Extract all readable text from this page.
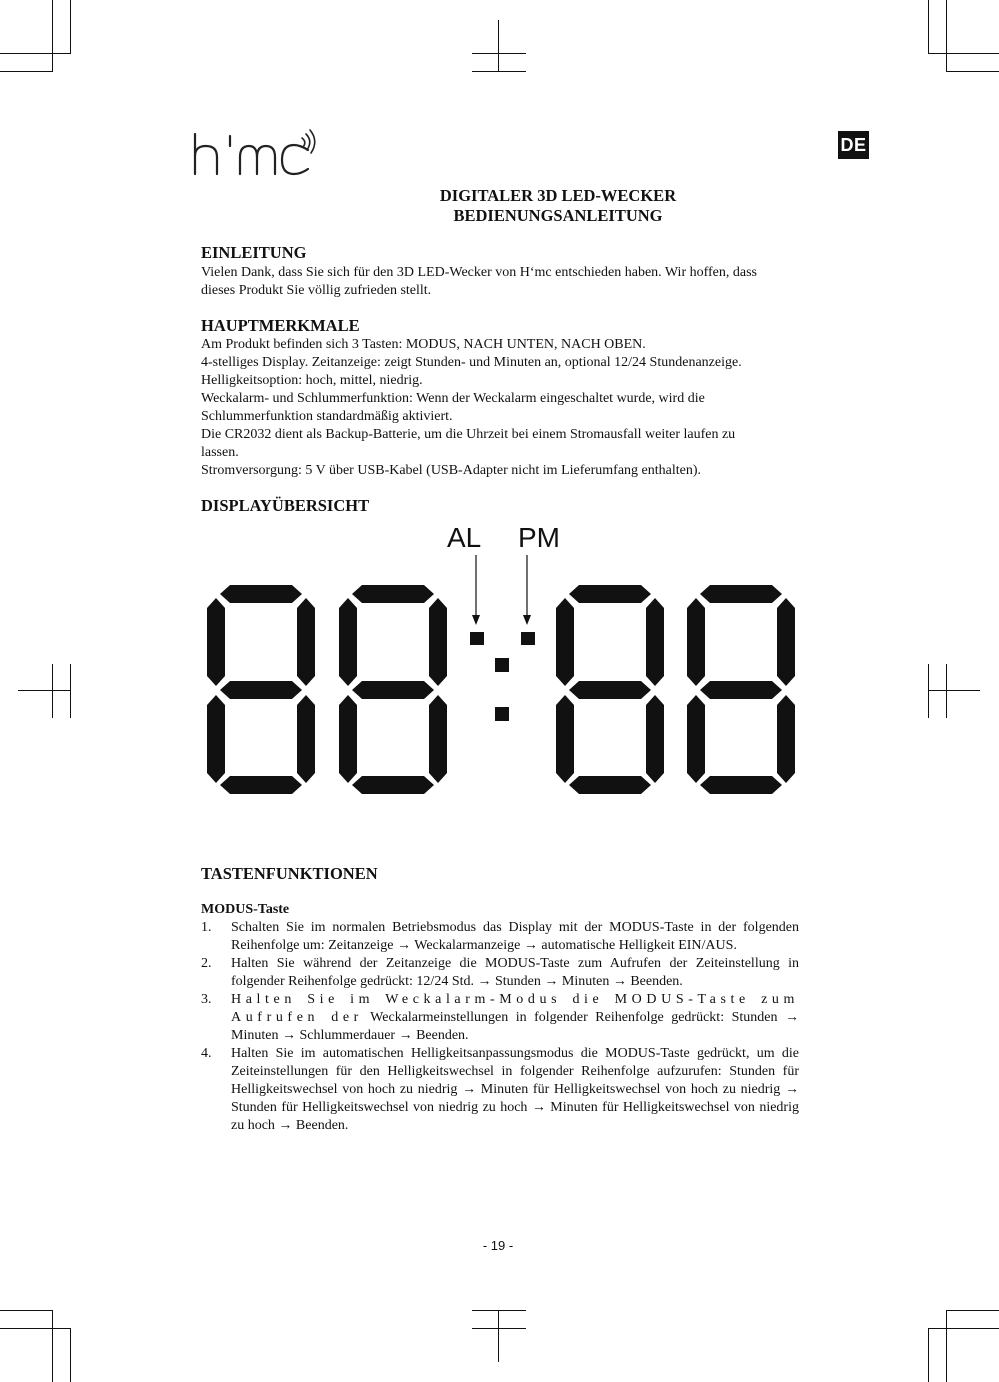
DE
DIGITALER 3D LED-WECKER
BEDIENUNGSANLEITUNG
EINLEITUNG
Vielen Dank, dass Sie sich für den 3D LED-Wecker von H‘mc entschieden haben. Wir hoffen, dass
dieses Produkt Sie völlig zufrieden stellt.
HAUPTMERKMALE
Am Produkt befinden sich 3 Tasten: MODUS, NACH UNTEN, NACH OBEN.
4-stelliges Display. Zeitanzeige: zeigt Stunden- und Minuten an, optional 12/24 Stundenanzeige.
Helligkeitsoption: hoch, mittel, niedrig.
Weckalarm- und Schlummerfunktion: Wenn der Weckalarm eingeschaltet wurde, wird die
Schlummerfunktion standardmäßig aktiviert.
Die CR2032 dient als Backup-Batterie, um die Uhrzeit bei einem Stromausfall weiter laufen zu
lassen.
Stromversorgung: 5 V über USB-Kabel (USB-Adapter nicht im Lieferumfang enthalten).
DISPLAYÜBERSICHT
AL PM
TASTENFUNKTIONEN
MODUS-Taste
1. Schalten Sie im normalen Betriebsmodus das Display mit der MODUS-Taste in der folgenden Reihenfolge um: Zeitanzeige → Weckalarmanzeige → automatische Helligkeit EIN/AUS.
2. Halten Sie während der Zeitanzeige die MODUS-Taste zum Aufrufen der Zeiteinstellung in folgender Reihenfolge gedrückt: 12/24 Std. → Stunden → Minuten → Beenden.
3. Halten Sie im Weckalarm-Modus die MODUS-Taste zum Aufrufen der Weckalarmeinstellungen in folgender Reihenfolge gedrückt: Stunden → Minuten → Schlummerdauer → Beenden.
4. Halten Sie im automatischen Helligkeitsanpassungsmodus die MODUS-Taste gedrückt, um die Zeiteinstellungen für den Helligkeitswechsel in folgender Reihenfolge aufzurufen: Stunden für Helligkeitswechsel von hoch zu niedrig → Minuten für Helligkeitswechsel von hoch zu niedrig → Stunden für Helligkeitswechsel von niedrig zu hoch → Minuten für Helligkeitswechsel von niedrig zu hoch → Beenden.
- 19 -
